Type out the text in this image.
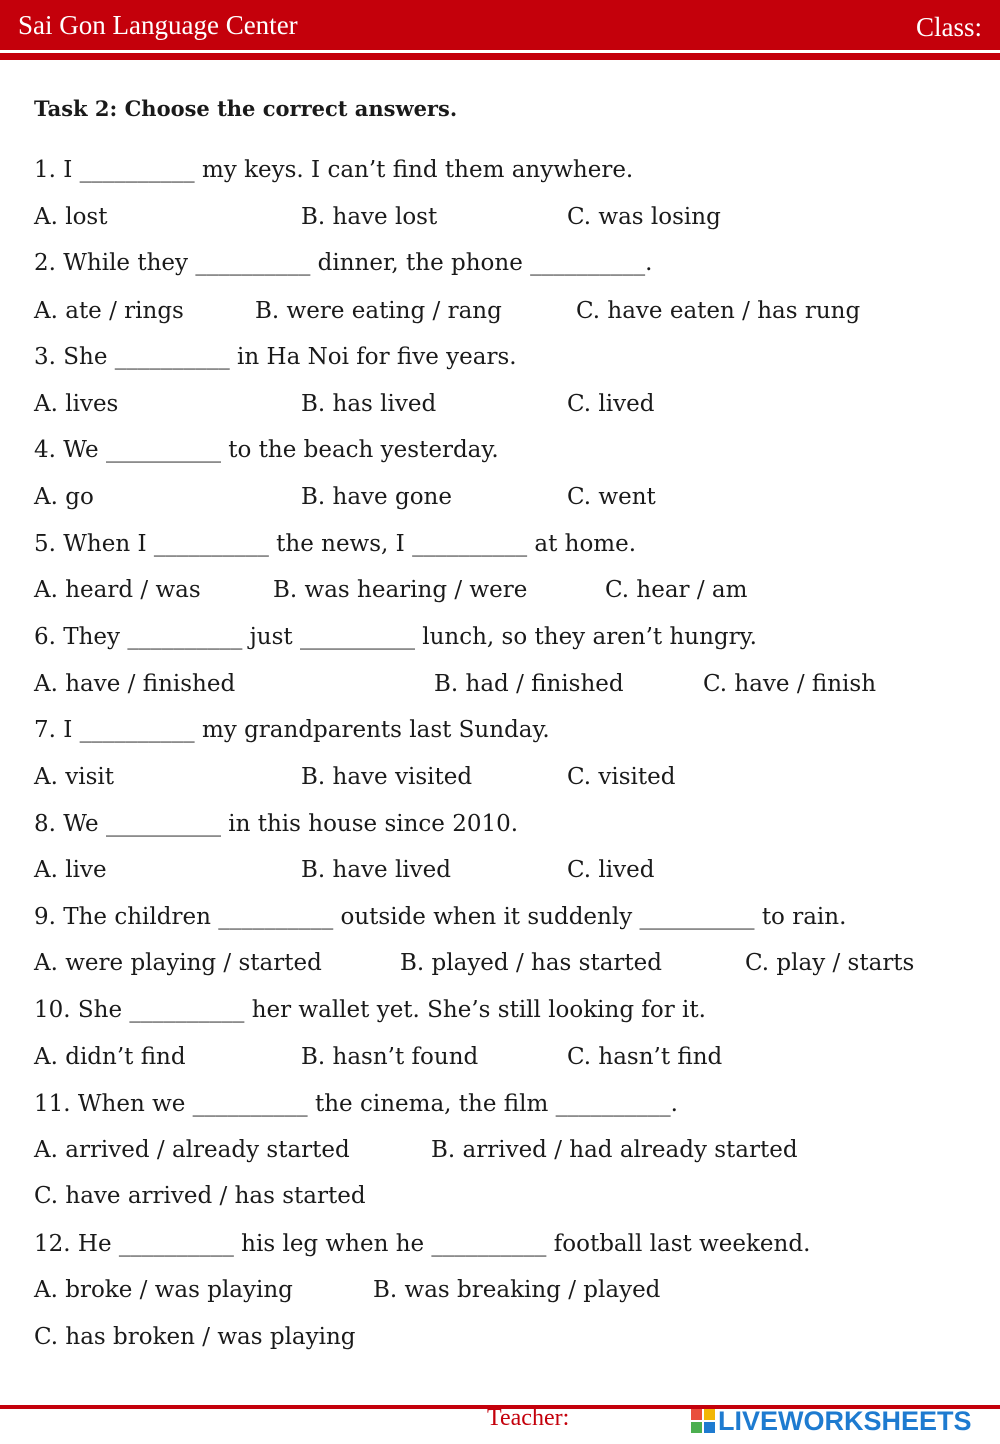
Sai Gon Language Center	Class:
Task 2: Choose the correct answers.
1. I __________ my keys. I can’t find them anywhere.
A. lost	B. have lost	C. was losing
2. While they __________ dinner, the phone __________.
A. ate / rings	B. were eating / rang	C. have eaten / has rung
3. She __________ in Ha Noi for five years.
A. lives	B. has lived	C. lived
4. We __________ to the beach yesterday.
A. go	B. have gone	C. went
5. When I __________ the news, I __________ at home.
A. heard / was	B. was hearing / were	C. hear / am
6. They __________ just __________ lunch, so they aren’t hungry.
A. have / finished	B. had / finished	C. have / finish
7. I __________ my grandparents last Sunday.
A. visit	B. have visited	C. visited
8. We __________ in this house since 2010.
A. live	B. have lived	C. lived
9. The children __________ outside when it suddenly __________ to rain.
A. were playing / started	B. played / has started	C. play / starts
10. She __________ her wallet yet. She’s still looking for it.
A. didn’t find	B. hasn’t found	C. hasn’t find
11. When we __________ the cinema, the film __________.
A. arrived / already started	B. arrived / had already started
C. have arrived / has started
12. He __________ his leg when he __________ football last weekend.
A. broke / was playing	B. was breaking / played
C. has broken / was playing
Teacher:	LIVEWORKSHEETS
